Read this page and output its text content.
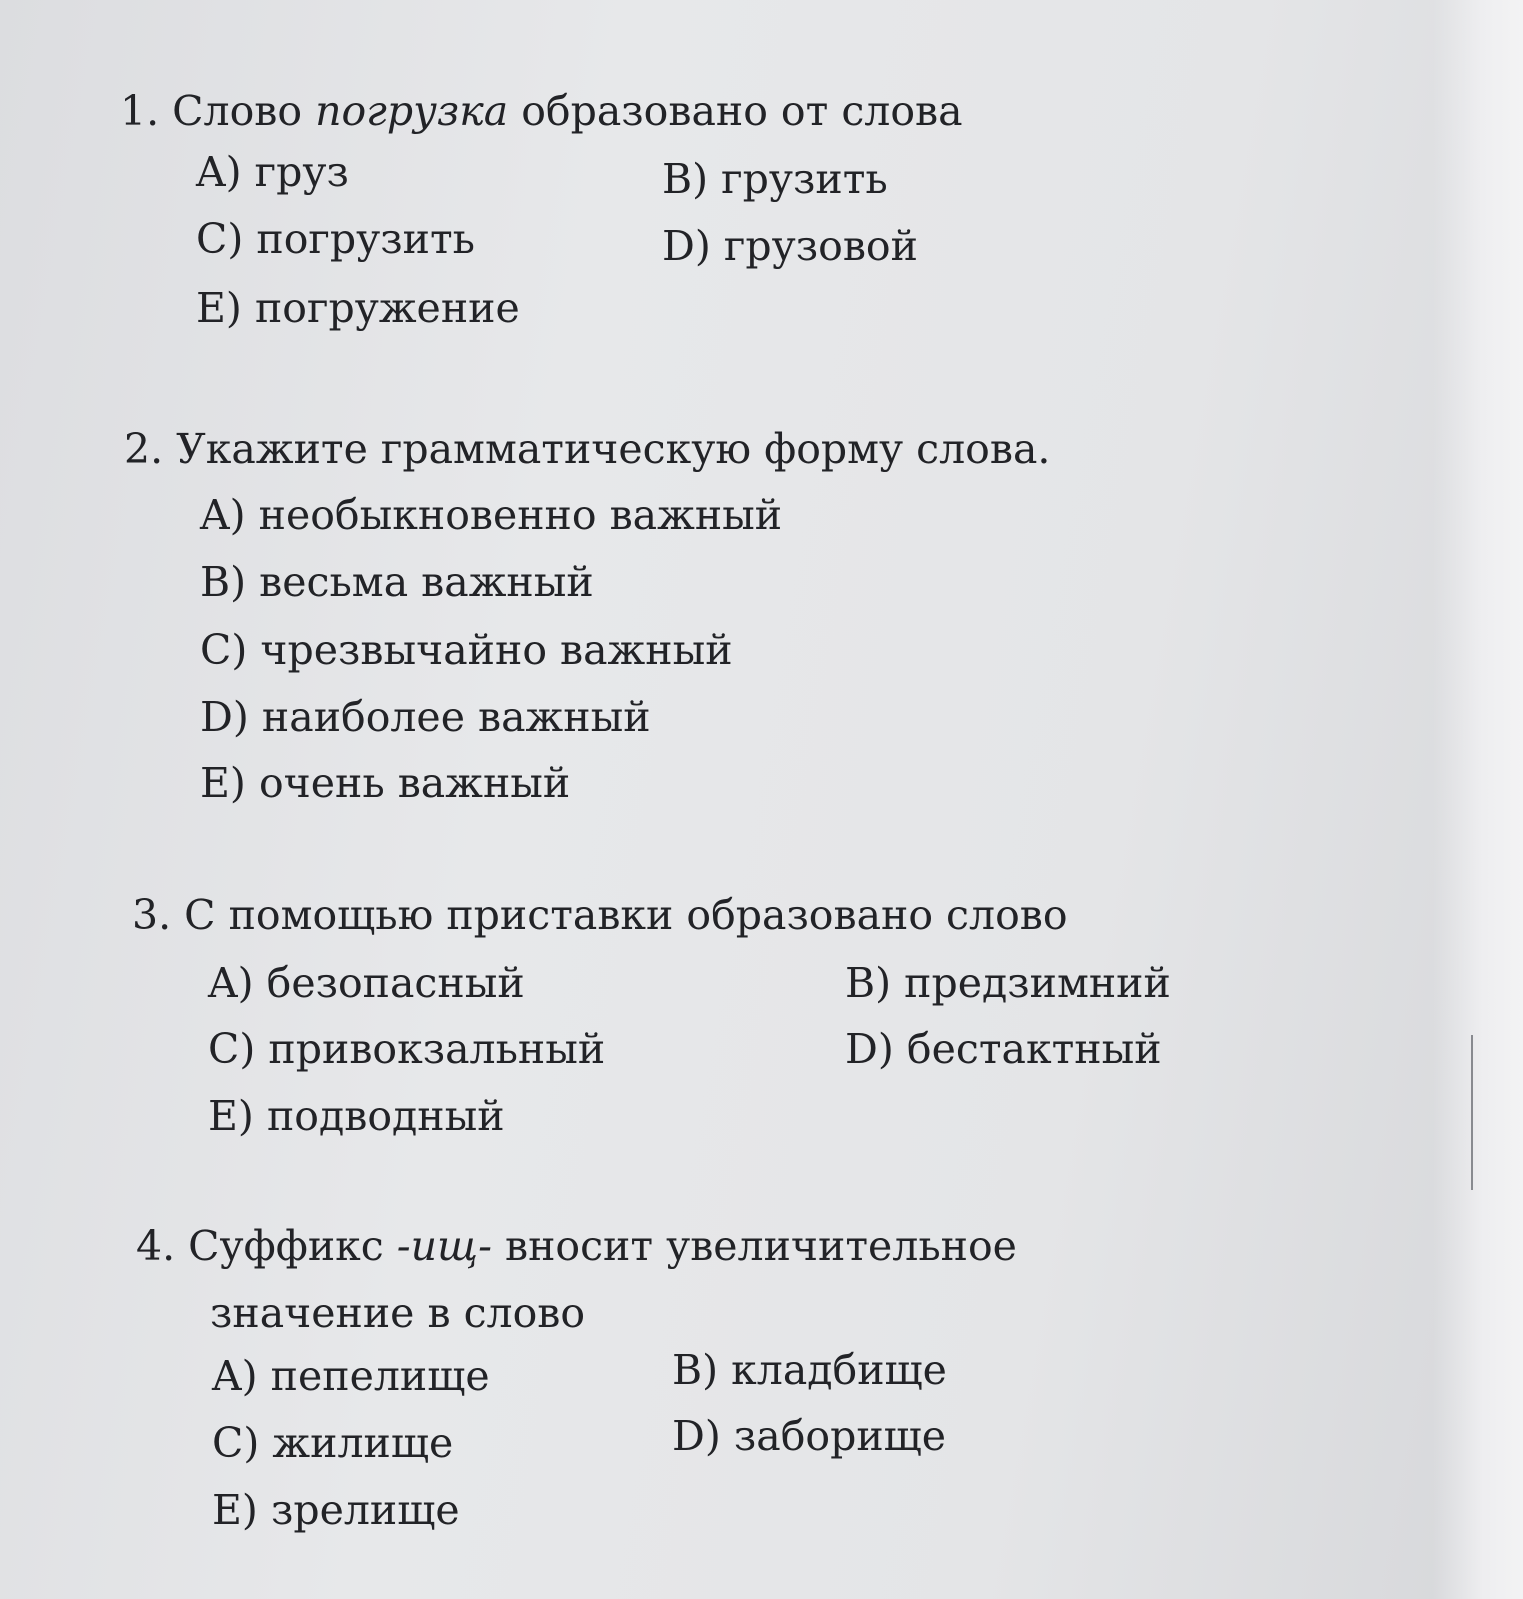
1. Слово погрузка образовано от слова
A) груз	B) грузить
C) погрузить	D) грузовой
E) погружение
2. Укажите грамматическую форму слова.
A) необыкновенно важный
B) весьма важный
C) чрезвычайно важный
D) наиболее важный
E) очень важный
3. С помощью приставки образовано слово
A) безопасный	B) предзимний
C) привокзальный	D) бестактный
E) подводный
4. Суффикс -ищ- вносит увеличительное
значение в слово
A) пепелище	B) кладбище
C) жилище	D) заборище
E) зрелище
